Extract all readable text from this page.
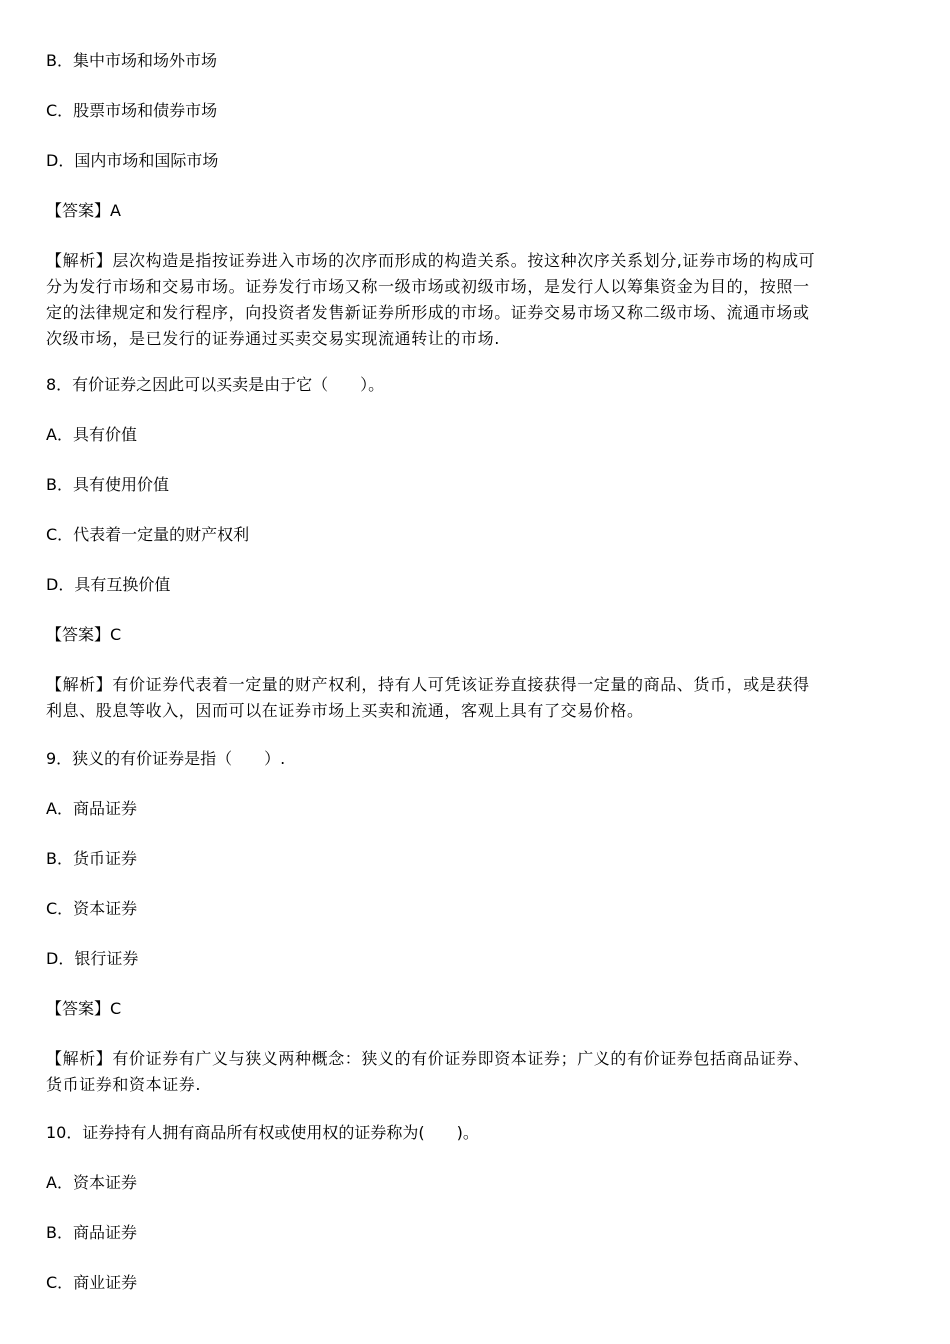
B．集中市场和场外市场

C．股票市场和债券市场

D．国内市场和国际市场

【答案】A

【解析】层次构造是指按证券进入市场的次序而形成的构造关系。按这种次序关系划分,证券市场的构成可
分为发行市场和交易市场。证券发行市场又称一级市场或初级市场，是发行人以筹集资金为目的，按照一
定的法律规定和发行程序，向投资者发售新证券所形成的市场。证券交易市场又称二级市场、流通市场或
次级市场，是已发行的证券通过买卖交易实现流通转让的市场.

8．有价证券之因此可以买卖是由于它（　　）。

A．具有价值

B．具有使用价值

C．代表着一定量的财产权利

D．具有互换价值

【答案】C

【解析】有价证券代表着一定量的财产权利，持有人可凭该证券直接获得一定量的商品、货币，或是获得
利息、股息等收入，因而可以在证券市场上买卖和流通，客观上具有了交易价格。

9．狭义的有价证券是指（　　）.

A．商品证券

B．货币证券

C．资本证券

D．银行证券

【答案】C

【解析】有价证券有广义与狭义两种概念：狭义的有价证券即资本证券；广义的有价证券包括商品证券、
货币证券和资本证券.

10．证券持有人拥有商品所有权或使用权的证券称为(　　)。

A．资本证券

B．商品证券

C．商业证券
